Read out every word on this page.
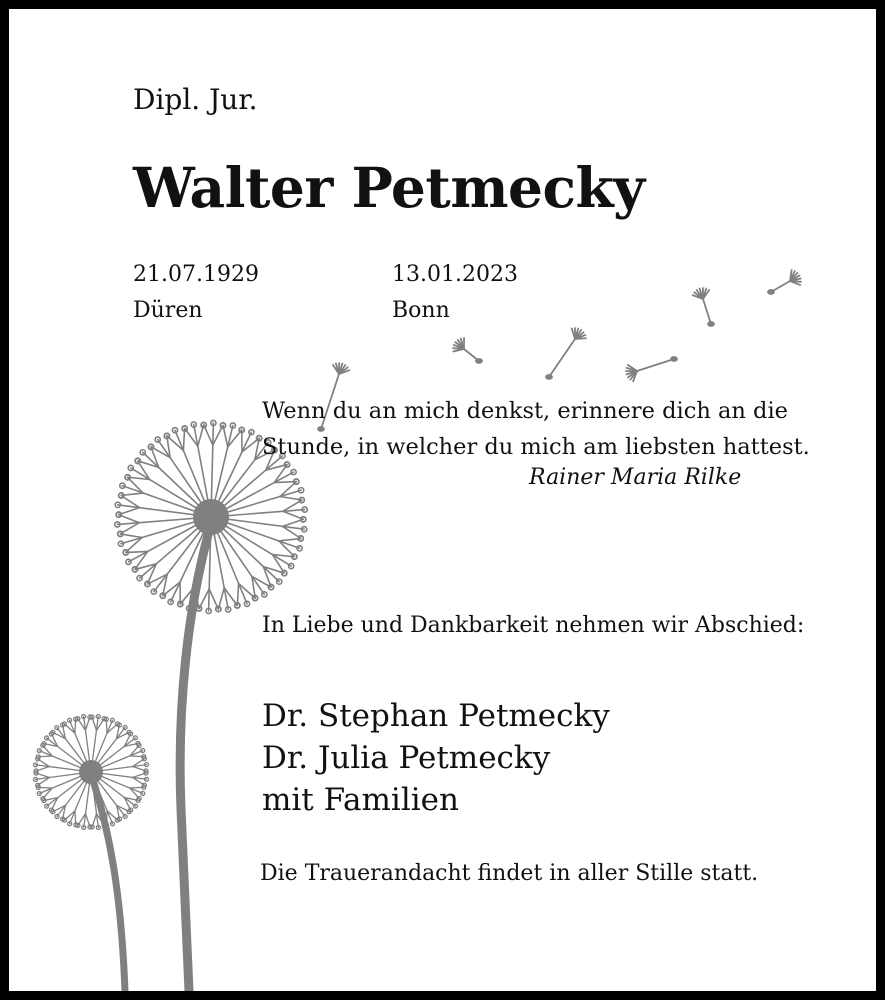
Dipl. Jur.
Walter Petmecky
21.07.1929
Düren
13.01.2023
Bonn
Wenn du an mich denkst, erinnere dich an die
Stunde, in welcher du mich am liebsten hattest.
Rainer Maria Rilke
In Liebe und Dankbarkeit nehmen wir Abschied:
Dr. Stephan Petmecky
Dr. Julia Petmecky
mit Familien
Die Trauerandacht findet in aller Stille statt.
